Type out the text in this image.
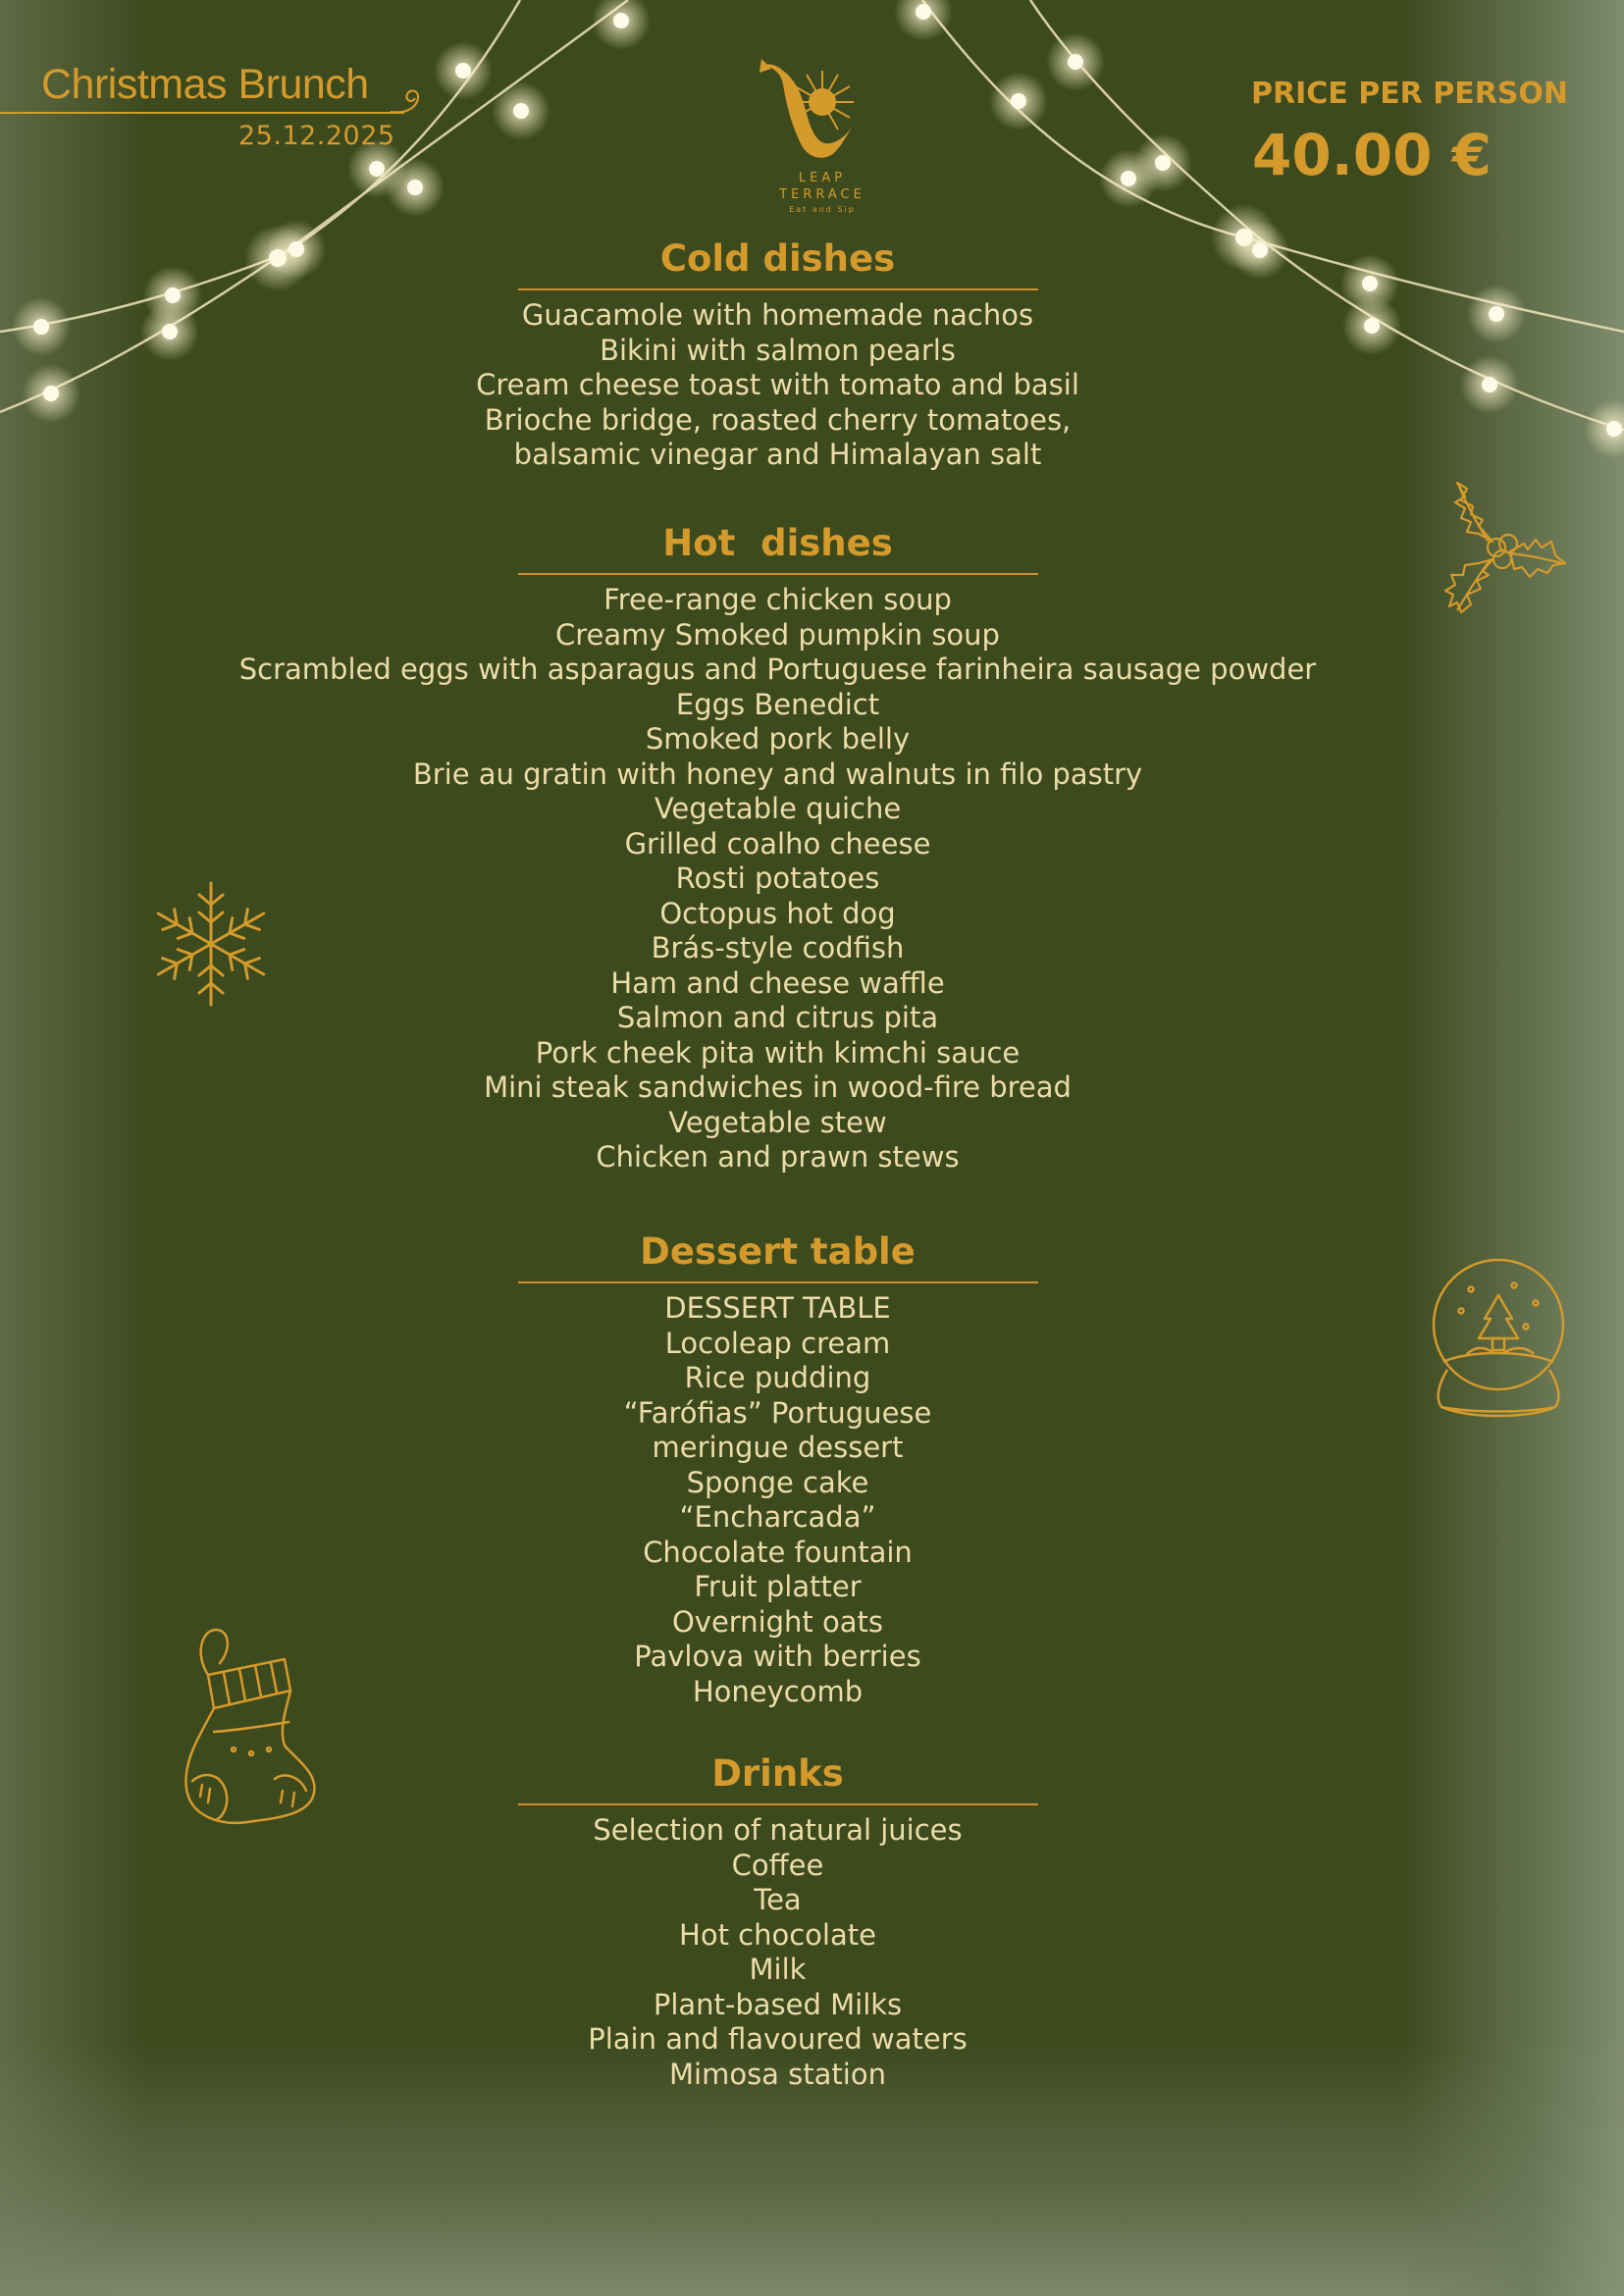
Christmas Brunch
25.12.2025
LEAP
TERRACE
Eat and Sip
PRICE PER PERSON
40.00 €
Cold dishes
Guacamole with homemade nachos
Bikini with salmon pearls
Cream cheese toast with tomato and basil
Brioche bridge, roasted cherry tomatoes,
balsamic vinegar and Himalayan salt
Hot  dishes
Free-range chicken soup
Creamy Smoked pumpkin soup
Scrambled eggs with asparagus and Portuguese farinheira sausage powder
Eggs Benedict
Smoked pork belly
Brie au gratin with honey and walnuts in filo pastry
Vegetable quiche
Grilled coalho cheese
Rosti potatoes
Octopus hot dog
Brás-style codfish
Ham and cheese waffle
Salmon and citrus pita
Pork cheek pita with kimchi sauce
Mini steak sandwiches in wood-fire bread
Vegetable stew
Chicken and prawn stews
Dessert table
DESSERT TABLE
Locoleap cream
Rice pudding
“Farófias” Portuguese
meringue dessert
Sponge cake
“Encharcada”
Chocolate fountain
Fruit platter
Overnight oats
Pavlova with berries
Honeycomb
Drinks
Selection of natural juices
Coffee
Tea
Hot chocolate
Milk
Plant-based Milks
Plain and flavoured waters
Mimosa station
